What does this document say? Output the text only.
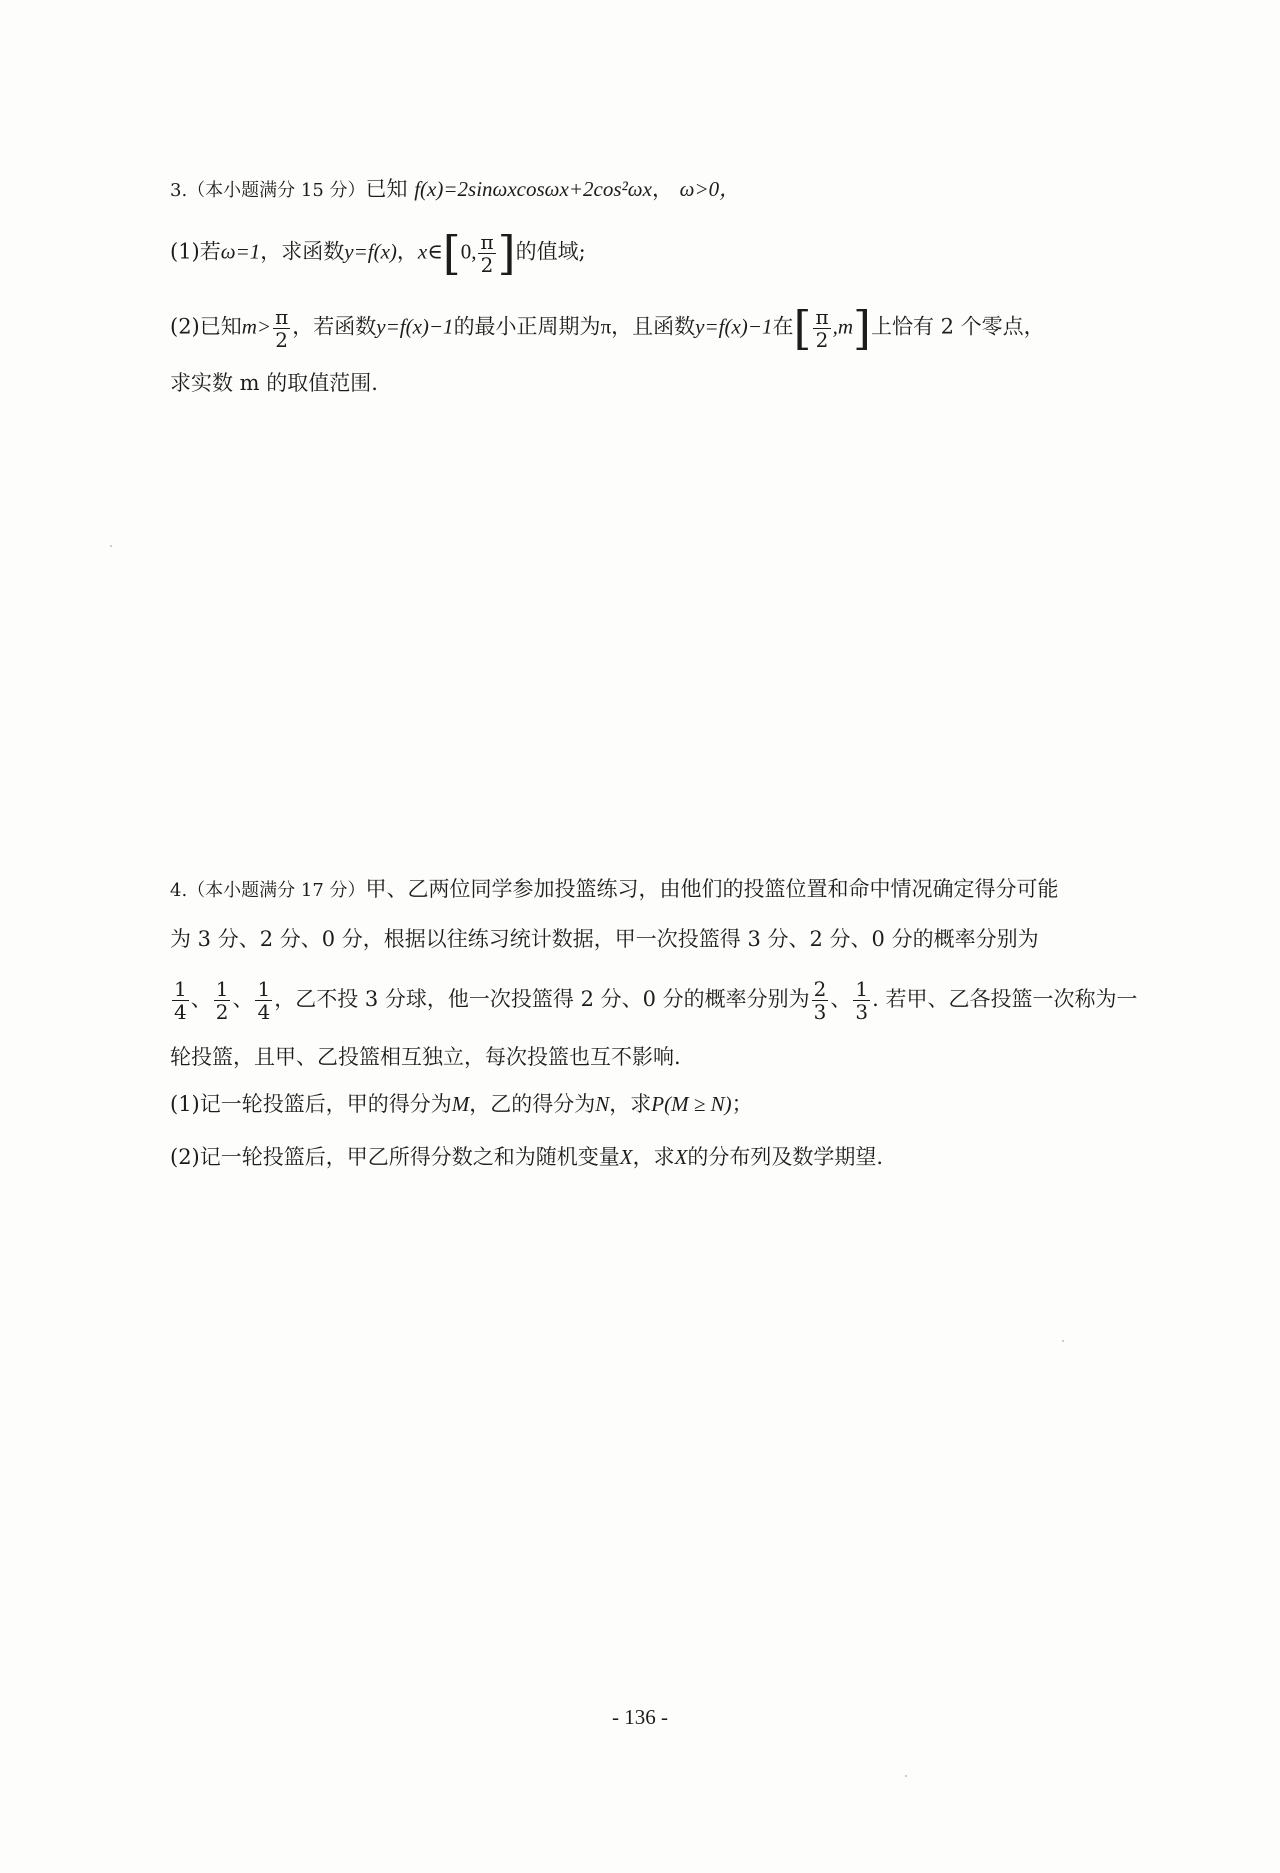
3.（本小题满分 15 分）已知 f(x)=2sinωxcosωx+2cos²ωx， ω>0，
(1)若ω=1，求函数y=f(x)，x∈[0, $\frac{\pi}{2}$ ]的值域;
(2)已知$m> \frac{\pi}{2}$ ，若函数y=f(x)−1的最小正周期为π，且函数y=f(x)−1在[ $\frac{\pi}{2} ,m$]上恰有 2 个零点，
求实数 m 的取值范围.
4.（本小题满分 17 分）甲、乙两位同学参加投篮练习，由他们的投篮位置和命中情况确定得分可能
为 3 分、2 分、0 分，根据以往练习统计数据，甲一次投篮得 3 分、2 分、0 分的概率分别为
$\frac{1}{4}$ 、 $\frac{1}{2}$ 、 $\frac{1}{4}$ ，乙不投 3 分球，他一次投篮得 2 分、0 分的概率分别为 $\frac{2}{3}$ 、 $\frac{1}{3}$ . 若甲、乙各投篮一次称为一
轮投篮，且甲、乙投篮相互独立，每次投篮也互不影响.
(1)记一轮投篮后，甲的得分为M，乙的得分为N，求P(M ≥ N)；
(2)记一轮投篮后，甲乙所得分数之和为随机变量X，求X的分布列及数学期望.
- 136 -
